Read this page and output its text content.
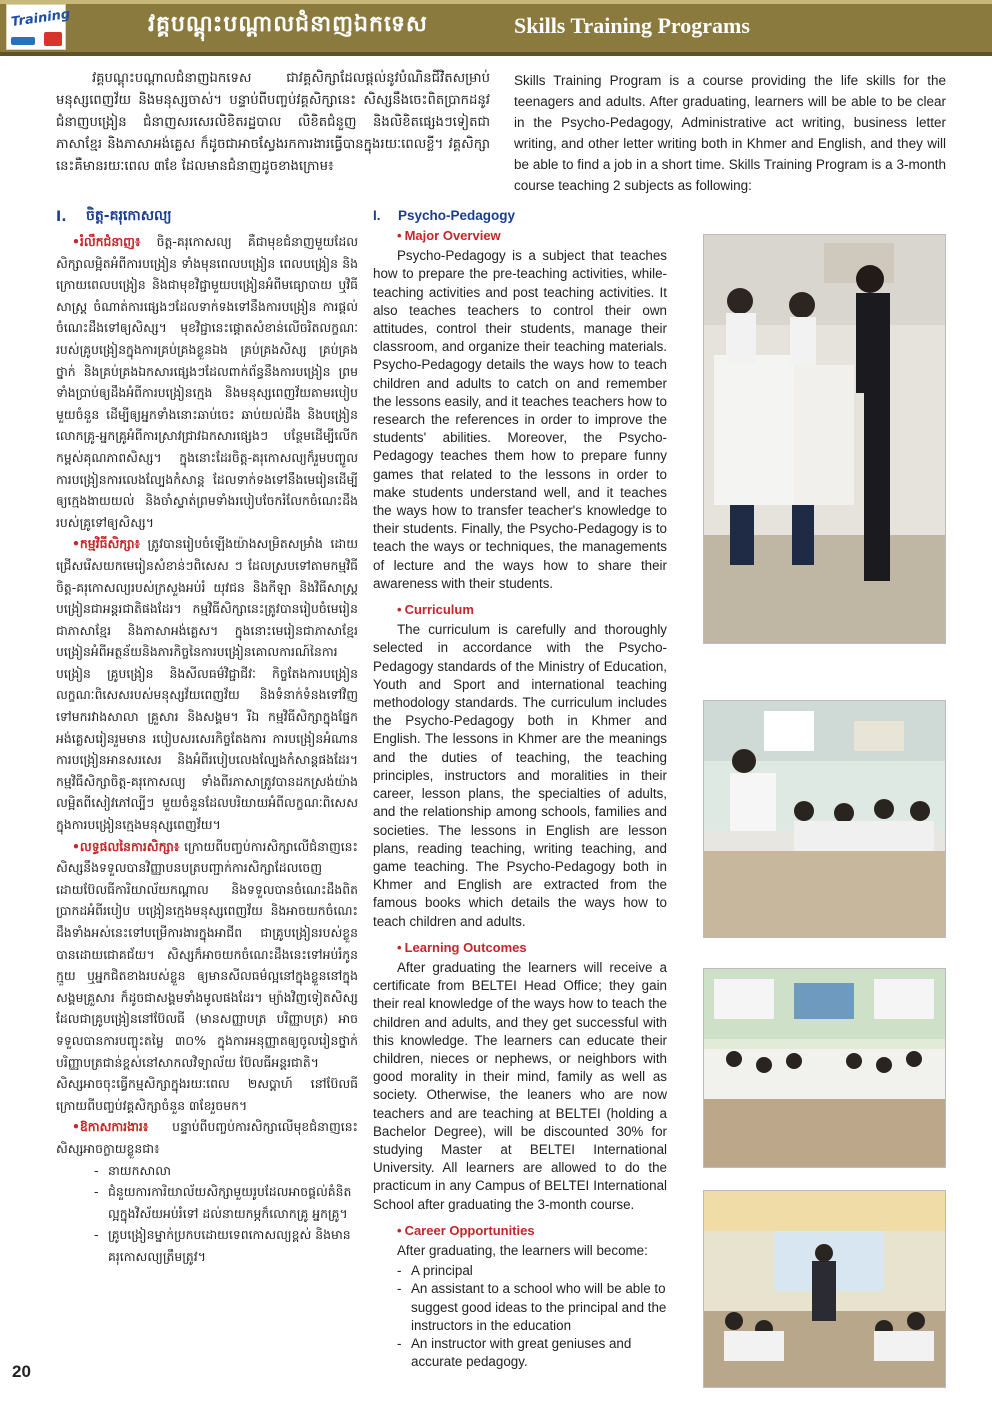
Training	វគ្គបណ្តុះបណ្តាលជំនាញឯកទេស	Skills Training Programs
វគ្គបណ្តុះបណ្តាលជំនាញឯកទេស ជាវគ្គសិក្សាដែលផ្តល់នូវបំណិនជីវិតសម្រាប់មនុស្សពេញវ័យ និងមនុស្សចាស់។ បន្ទាប់ពីបញ្ចប់វគ្គសិក្សានេះ សិស្សនឹងចេះពិតប្រាកដនូវជំនាញបង្រៀន ជំនាញសរសេរលិខិតរដ្ឋបាល លិខិតជំនួញ និងលិខិតផ្សេងៗទៀតជាភាសាខ្មែរ និងភាសាអង់គ្លេស ក៏ដូចជាអាចស្វែងរកការងារធ្វើបានក្នុងរយៈពេលខ្លី។ វគ្គសិក្សានេះគឺមានរយៈពេល ៣ខែ ដែលមានជំនាញដូចខាងក្រោម៖
Skills Training Program is a course providing the life skills for the teenagers and adults. After graduating, learners will be able to be clear in the Psycho-Pedagogy, Administrative act writing, business letter writing, and other letter writing both in Khmer and English, and they will be able to find a job in a short time. Skills Training Program is a 3-month course teaching 2 subjects as following:
I.	ចិត្ត-គរុកោសល្យ

•រំលឹកជំនាញ៖ ចិត្ត-គរុកោសល្យ គឺជាមុខជំនាញមួយដែលសិក្សាលម្អិតអំពីការបង្រៀន ទាំងមុនពេលបង្រៀន ពេលបង្រៀន និងក្រោយពេលបង្រៀន និងជាមុខវិជ្ជាមួយបង្រៀនអំពីមធ្យោបាយ ឬវិធីសាស្ត្រ ចំណាត់ការផ្សេងៗដែលទាក់ទងទៅនឹងការបង្រៀន ការផ្តល់ចំណេះដឹងទៅឲ្យសិស្ស។ មុខវិជ្ជានេះផ្តោតសំខាន់លើចរិតលក្ខណៈរបស់គ្រូបង្រៀនក្នុងការគ្រប់គ្រងខ្លួនឯង គ្រប់គ្រងសិស្ស គ្រប់គ្រងថ្នាក់ និងគ្រប់គ្រងឯកសារផ្សេងៗដែលពាក់ព័ន្ធនឹងការបង្រៀន ព្រមទាំងប្រាប់ឲ្យដឹងអំពីការបង្រៀនក្មេង និងមនុស្សពេញវ័យតាមរបៀបមួយចំនួន ដើម្បីឲ្យអ្នកទាំងនោះឆាប់ចេះ ឆាប់យល់ដឹង និងបង្រៀនលោកគ្រូ-អ្នកគ្រូអំពីការស្រាវជ្រាវឯកសារផ្សេងៗ បន្ថែមដើម្បីលើកកម្ពស់គុណភាពសិស្ស។ ក្នុងនោះដែរចិត្ត-គរុកោសល្យក៏រួមបញ្ចូលការបង្រៀនការលេងល្បែងកំសាន្ត ដែលទាក់ទងទៅនឹងមេរៀនដើម្បីឲ្យក្មេងងាយយល់ និងចាំស្ទាត់ព្រមទាំងរបៀបចែករំលែកចំណេះដឹងរបស់គ្រូទៅឲ្យសិស្ស។

•កម្មវិធីសិក្សា៖ ត្រូវបានរៀបចំឡើងយ៉ាងសម្រិតសម្រាំង ដោយជ្រើសរើសយកមេរៀនសំខាន់ៗពិសេស ៗ ដែលស្របទៅតាមកម្មវិធី ចិត្ត-គរុកោសល្យរបស់ក្រសួងអប់រំ យុវជន និងកីឡា និងវិធីសាស្ត្របង្រៀនជាអន្តរជាតិផងដែរ។ កម្មវិធីសិក្សានេះត្រូវបានរៀបចំមេរៀនជាភាសាខ្មែរ និងភាសាអង់គ្លេស។ ក្នុងនោះមេរៀនជាភាសាខ្មែរបង្រៀនអំពីអត្ថន័យនិងភារកិច្ចនៃការបង្រៀនគោលការណ៍នៃការបង្រៀន គ្រូបង្រៀន និងសីលធម៌វិជ្ជាជីវៈ កិច្ចតែងការបង្រៀន លក្ខណៈពិសេសរបស់មនុស្សវ័យពេញវ័យ និងទំនាក់ទំនងទៅវិញទៅមករវាងសាលា គ្រួសារ និងសង្គម។ រីឯ កម្មវិធីសិក្សាក្នុងផ្នែកអង់គ្លេសរៀនរួមមាន របៀបសរសេរកិច្ចតែងការ ការបង្រៀនអំណាន ការបង្រៀនអានសរសេរ និងអំពីរបៀបលេងល្បែងកំសាន្តផងដែរ។ កម្មវិធីសិក្សាចិត្ត-គរុកោសល្យ ទាំងពីរភាសាត្រូវបានដកស្រង់យ៉ាងលម្អិតពីសៀវភៅល្បីៗ មួយចំនួនដែលបរិយាយអំពីលក្ខណៈពិសេសក្នុងការបង្រៀនក្មេងមនុស្សពេញវ័យ។

•លទ្ធផលនៃការសិក្សា៖ ក្រោយពីបញ្ចប់ការសិក្សាលើជំនាញនេះ សិស្សនឹងទទួលបានវិញ្ញាបនបត្របញ្ជាក់ការសិក្សាដែលចេញដោយប៊ែលធីការិយាល័យកណ្តាល និងទទួលបានចំណេះដឹងពិតប្រាកដអំពីរបៀប បង្រៀនក្មេងមនុស្សពេញវ័យ និងអាចយកចំណេះដឹងទាំងអស់នេះទៅបម្រើការងារក្នុងអាជីព ជាគ្រូបង្រៀនរបស់ខ្លួនបានដោយជោគជ័យ។ សិស្សក៏អាចយកចំណេះដឹងនេះទៅអប់រំកូនក្មួយ ឬអ្នកជិតខាងរបស់ខ្លួន ឲ្យមានសីលធម៌ល្អនៅក្នុងខ្លួននៅក្នុងសង្គមគ្រួសារ ក៏ដូចជាសង្គមទាំងមូលផងដែរ។ ម្យ៉ាងវិញទៀតសិស្សដែលជាគ្រូបង្រៀននៅប៊ែលធី (មានសញ្ញាបត្រ បរិញ្ញាបត្រ) អាចទទួលបានការបញ្ចុះតម្លៃ ៣០% ក្នុងការអនុញ្ញាតឲ្យចូលរៀនថ្នាក់បរិញ្ញាបត្រជាន់ខ្ពស់នៅសាកលវិទ្យាល័យ ប៊ែលធីអន្តរជាតិ។

សិស្សអាចចុះធ្វើកម្មសិក្សាក្នុងរយៈពេល ២សប្តាហ៍ នៅប៊ែលធីក្រោយពីបញ្ចប់វគ្គសិក្សាចំនួន ៣ខែរួចមក។

•ឱកាសការងារ៖ បន្ទាប់ពីបញ្ចប់ការសិក្សាលើមុខជំនាញនេះសិស្សអាចក្លាយខ្លួនជា៖

- នាយកសាលា
- ជំនួយការការិយាល័យសិក្សាមួយរូបដែលអាចផ្តល់គំនិតល្អក្នុងវិស័យអប់រំទៅ ដល់នាយកម្ភក៏លោកគ្រូ អ្នកគ្រូ។
- គ្រូបង្រៀនម្នាក់ប្រកបដោយទេពកោសល្យខ្ពស់ និងមានគរុកោសល្យត្រឹមត្រូវ។
I.	Psycho-Pedagogy
• Major Overview

Psycho-Pedagogy is a subject that teaches how to prepare the pre-teaching activities, while-teaching activities and post teaching activities. It also teaches teachers to control their own attitudes, control their students, manage their classroom, and organize their teaching materials. Psycho-Pedagogy details the ways how to teach children and adults to catch on and remember the lessons easily, and it teaches teachers how to research the references in order to improve the students' abilities. Moreover, the Psycho-Pedagogy teaches them how to prepare funny games that related to the lessons in order to make students understand well, and it teaches the ways how to transfer teacher's knowledge to their students. Finally, the Psycho-Pedagogy is to teach the ways or techniques, the managements of lecture and the ways how to share their awareness with their students.

• Curriculum

The curriculum is carefully and thoroughly selected in accordance with the Psycho-Pedagogy standards of the Ministry of Education, Youth and Sport and international teaching methodology standards. The curriculum includes the Psycho-Pedagogy both in Khmer and English. The lessons in Khmer are the meanings and the duties of teaching, the teaching principles, instructors and moralities in their career, lesson plans, the specialties of adults, and the relationship among schools, families and societies. The lessons in English are lesson plans, reading teaching, writing teaching, and game teaching. The Psycho-Pedagogy both in Khmer and English are extracted from the famous books which details the ways how to teach children and adults.

• Learning Outcomes

After graduating the learners will receive a certificate from BELTEI Head Office; they gain their real knowledge of the ways how to teach the children and adults, and they get successful with this knowledge. The learners can educate their children, nieces or nephews, or neighbors with good morality in their mind, family as well as society. Otherwise, the leaners who are now teachers and are teaching at BELTEI (holding a Bachelor Degree), will be discounted 30% for studying Master at BELTEI International University. All learners are allowed to do the practicum in any Campus of BELTEI International School after graduating the 3-month course.

• Career Opportunities

After graduating, the learners will become:

- A principal
- An assistant to a school who will be able to suggest good ideas to the principal and the instructors in the education
- An instructor with great geniuses and accurate pedagogy.
20
